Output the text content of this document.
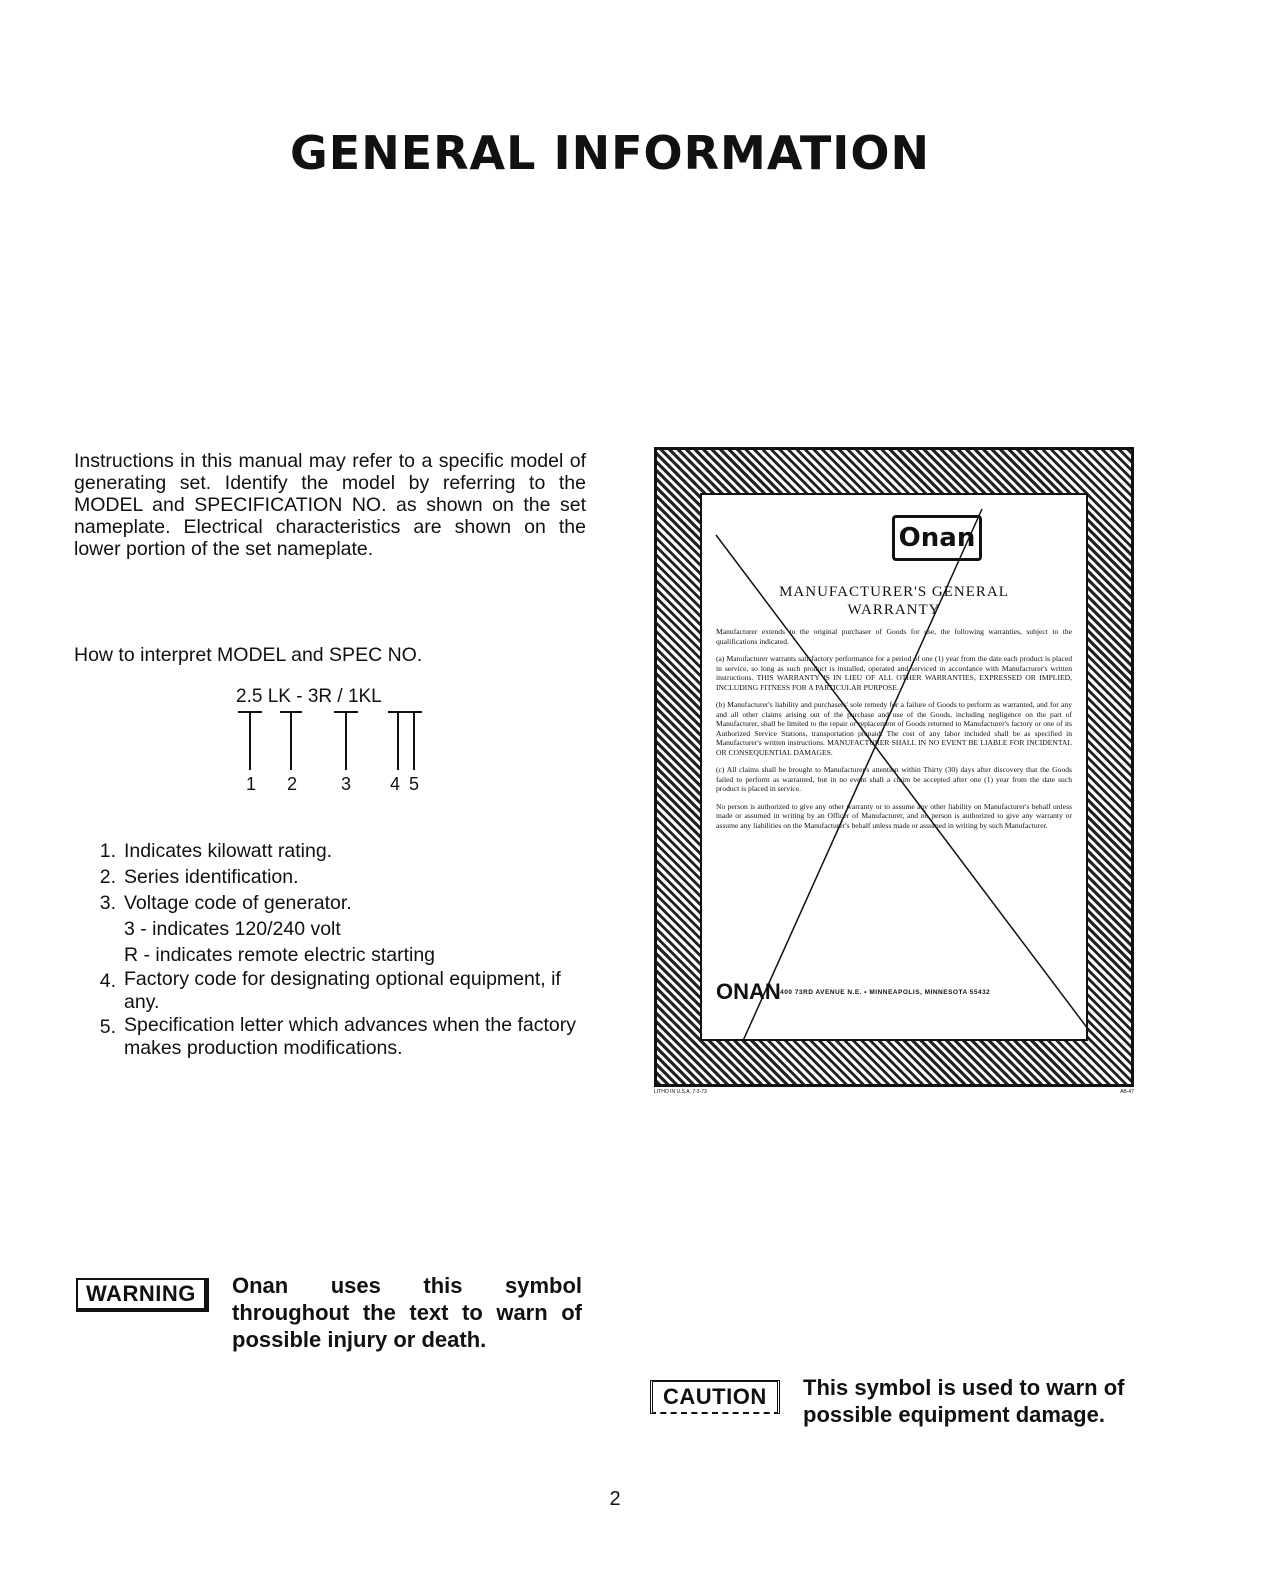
GENERAL INFORMATION
Instructions in this manual may refer to a specific model of generating set. Identify the model by referring to the MODEL and SPECIFICATION NO. as shown on the set nameplate. Electrical characteristics are shown on the lower portion of the set nameplate.
How to interpret MODEL and SPEC NO.
2.5 LK - 3R / 1KL
1 2 3 4 5
1. Indicates kilowatt rating.
2. Series identification.
3. Voltage code of generator.
3 - indicates 120/240 volt
R - indicates remote electric starting
4. Factory code for designating optional equipment, if any.
5. Specification letter which advances when the factory makes production modifications.
Onan
MANUFACTURER'S GENERAL
WARRANTY

Manufacturer extends to the original purchaser of Goods for use, the following warranties, subject to the qualifications indicated.

(a) Manufacturer warrants satisfactory performance for a period of one (1) year from the date each product is placed in service, so long as such product is installed, operated and serviced in accordance with Manufacturer's written instructions. THIS WARRANTY IS IN LIEU OF ALL OTHER WARRANTIES, EXPRESSED OR IMPLIED, INCLUDING FITNESS FOR A PARTICULAR PURPOSE.

(b) Manufacturer's liability and purchasers' sole remedy for a failure of Goods to perform as warranted, and for any and all other claims arising out of the purchase and use of the Goods, including negligence on the part of Manufacturer, shall be limited to the repair or replacement of Goods returned to Manufacturer's factory or one of its Authorized Service Stations, transportation prepaid. The cost of any labor included shall be as specified in Manufacturer's written instructions. MANUFACTURER SHALL IN NO EVENT BE LIABLE FOR INCIDENTAL OR CONSEQUENTIAL DAMAGES.

(c) All claims shall be brought to Manufacturer's attention within Thirty (30) days after discovery that the Goods failed to perform as warranted, but in no event shall a claim be accepted after one (1) year from the date such product is placed in service.

No person is authorized to give any other warranty or to assume any other liability on Manufacturer's behalf unless made or assumed in writing by an Officer of Manufacturer, and no person is authorized to give any warranty or assume any liabilities on the Manufacturer's behalf unless made or assumed in writing by such Manufacturer.

ONAN
1400 73RD AVENUE N.E. • MINNEAPOLIS, MINNESOTA 55432
LITHO IN U.S.A. 7-3-73	AB-47
WARNING	Onan uses this symbol throughout the text to warn of possible injury or death.
CAUTION	This symbol is used to warn of possible equipment damage.
2
